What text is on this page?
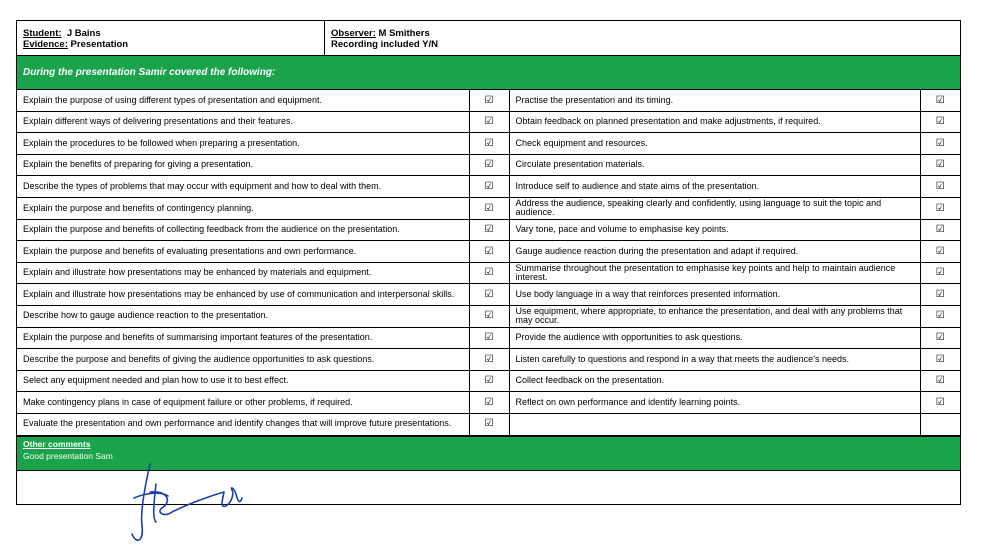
Student: J Bains
Evidence: Presentation
Observer: M Smithers
Recording included Y/N
During the presentation Samir covered the following:
Explain the purpose of using different types of presentation and equipment.	☑	Practise the presentation and its timing.	☑
Explain different ways of delivering presentations and their features.	☑	Obtain feedback on planned presentation and make adjustments, if required.	☑
Explain the procedures to be followed when preparing a presentation.	☑	Check equipment and resources.	☑
Explain the benefits of preparing for giving a presentation.	☑	Circulate presentation materials.	☑
Describe the types of problems that may occur with equipment and how to deal with them.	☑	Introduce self to audience and state aims of the presentation.	☑
Explain the purpose and benefits of contingency planning.	☑	Address the audience, speaking clearly and confidently, using language to suit the topic and audience.	☑
Explain the purpose and benefits of collecting feedback from the audience on the presentation.	☑	Vary tone, pace and volume to emphasise key points.	☑
Explain the purpose and benefits of evaluating presentations and own performance.	☑	Gauge audience reaction during the presentation and adapt if required.	☑
Explain and illustrate how presentations may be enhanced by materials and equipment.	☑	Summarise throughout the presentation to emphasise key points and help to maintain audience interest.	☑
Explain and illustrate how presentations may be enhanced by use of communication and interpersonal skills.	☑	Use body language in a way that reinforces presented information.	☑
Describe how to gauge audience reaction to the presentation.	☑	Use equipment, where appropriate, to enhance the presentation, and deal with any problems that may occur.	☑
Explain the purpose and benefits of summarising important features of the presentation.	☑	Provide the audience with opportunities to ask questions.	☑
Describe the purpose and benefits of giving the audience opportunities to ask questions.	☑	Listen carefully to questions and respond in a way that meets the audience’s needs.	☑
Select any equipment needed and plan how to use it to best effect.	☑	Collect feedback on the presentation.	☑
Make contingency plans in case of equipment failure or other problems, if required.	☑	Reflect on own performance and identify learning points.	☑
Evaluate the presentation and own performance and identify changes that will improve future presentations.	☑		
Other comments
Good presentation Sam
